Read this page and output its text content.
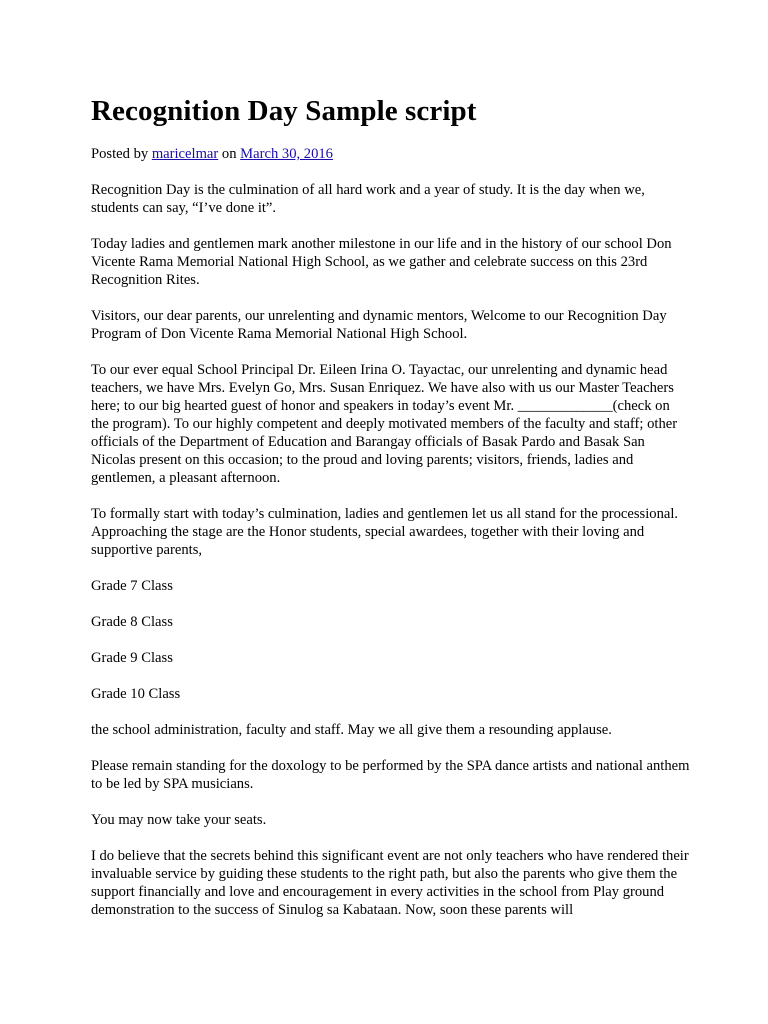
Recognition Day Sample script
Posted by maricelmar on March 30, 2016

Recognition Day is the culmination of all hard work and a year of study. It is the day when we, students can say, “I’ve done it”.

Today ladies and gentlemen mark another milestone in our life and in the history of our school Don Vicente Rama Memorial National High School, as we gather and celebrate success on this 23rd Recognition Rites.

Visitors, our dear parents, our unrelenting and dynamic mentors, Welcome to our Recognition Day Program of Don Vicente Rama Memorial National High School.

To our ever equal School Principal Dr. Eileen Irina O. Tayactac, our unrelenting and dynamic head teachers, we have Mrs. Evelyn Go, Mrs. Susan Enriquez. We have also with us our Master Teachers here; to our big hearted guest of honor and speakers in today’s event Mr. _____________(check on the program). To our highly competent and deeply motivated members of the faculty and staff; other officials of the Department of Education and Barangay officials of Basak Pardo and Basak San Nicolas present on this occasion; to the proud and loving parents; visitors, friends, ladies and gentlemen, a pleasant afternoon.

To formally start with today’s culmination, ladies and gentlemen let us all stand for the processional. Approaching the stage are the Honor students, special awardees, together with their loving and supportive parents,

Grade 7 Class

Grade 8 Class

Grade 9 Class

Grade 10 Class

the school administration, faculty and staff. May we all give them a resounding applause.

Please remain standing for the doxology to be performed by the SPA dance artists and national anthem to be led by SPA musicians.

You may now take your seats.

I do believe that the secrets behind this significant event are not only teachers who have rendered their invaluable service by guiding these students to the right path, but also the parents who give them the support financially and love and encouragement in every activities in the school from Play ground demonstration to the success of Sinulog sa Kabataan. Now, soon these parents will
